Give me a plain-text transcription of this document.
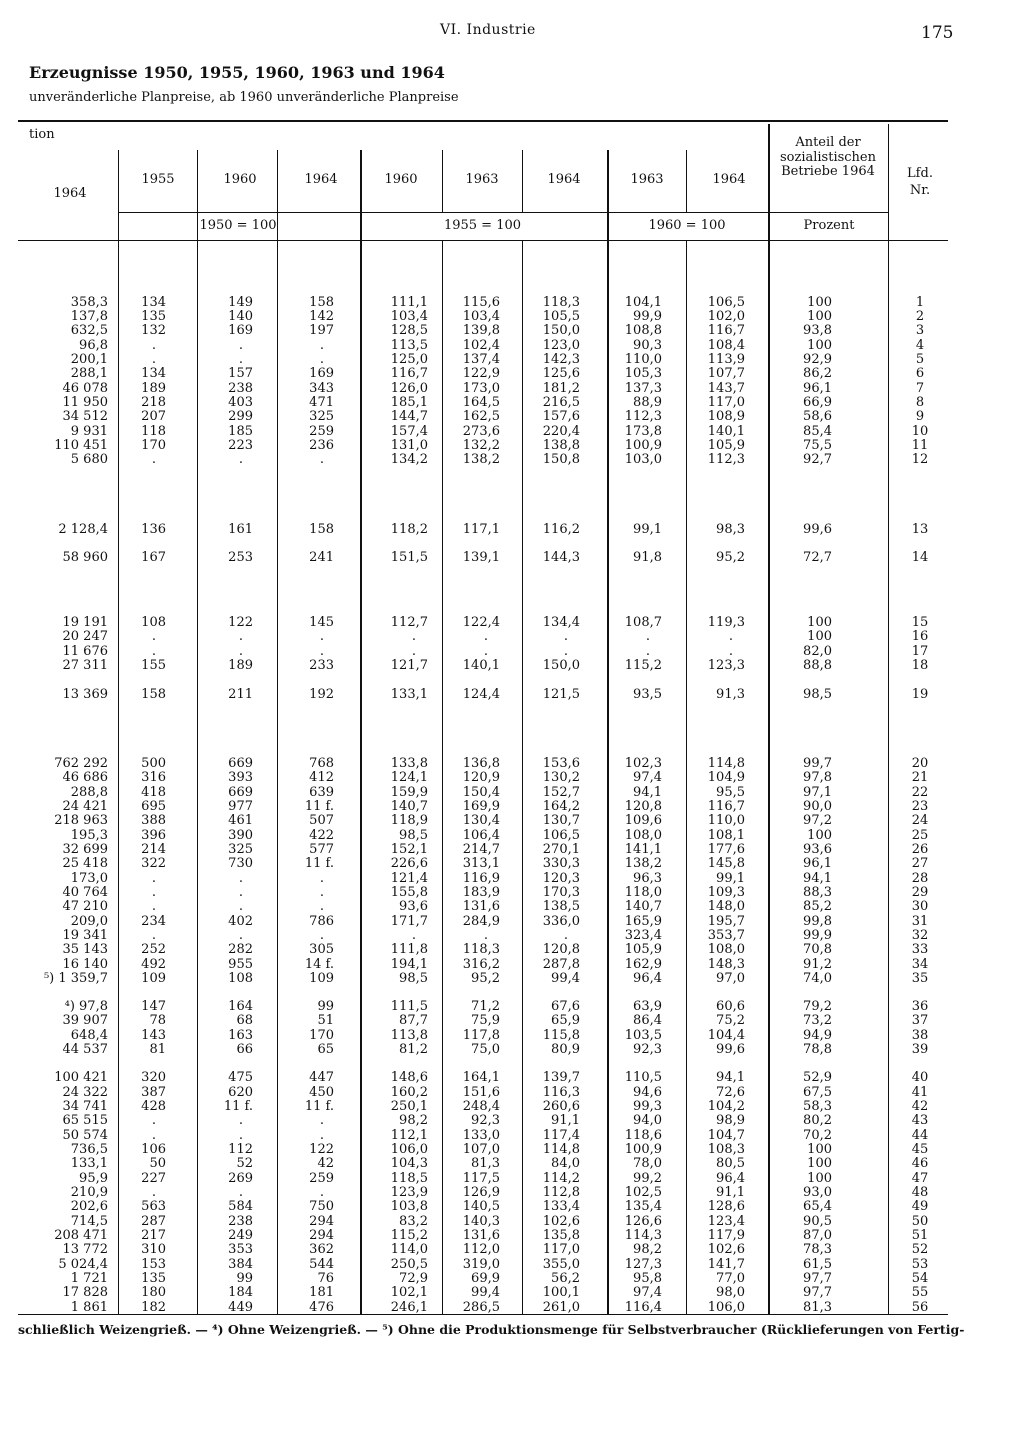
VI. Industrie	175
Erzeugnisse 1950, 1955, 1960, 1963 und 1964
unveränderliche Planpreise, ab 1960 unveränderliche Planpreise
tion
1964
1955	1960	1964	1960	1963	1964	1963	1964
1950 = 100	1955 = 100	1960 = 100
Anteil der sozialistischen Betriebe 1964
Prozent
Lfd. Nr.
358,3	134	149	158	111,1	115,6	118,3	104,1	106,5	100	1
137,8	135	140	142	103,4	103,4	105,5	99,9	102,0	100	2
632,5	132	169	197	128,5	139,8	150,0	108,8	116,7	93,8	3
96,8	.	.	.	113,5	102,4	123,0	90,3	108,4	100	4
200,1	.	.	.	125,0	137,4	142,3	110,0	113,9	92,9	5
288,1	134	157	169	116,7	122,9	125,6	105,3	107,7	86,2	6
46 078	189	238	343	126,0	173,0	181,2	137,3	143,7	96,1	7
11 950	218	403	471	185,1	164,5	216,5	88,9	117,0	66,9	8
34 512	207	299	325	144,7	162,5	157,6	112,3	108,9	58,6	9
9 931	118	185	259	157,4	273,6	220,4	173,8	140,1	85,4	10
110 451	170	223	236	131,0	132,2	138,8	100,9	105,9	75,5	11
5 680	.	.	.	134,2	138,2	150,8	103,0	112,3	92,7	12
2 128,4	136	161	158	118,2	117,1	116,2	99,1	98,3	99,6	13
58 960	167	253	241	151,5	139,1	144,3	91,8	95,2	72,7	14
19 191	108	122	145	112,7	122,4	134,4	108,7	119,3	100	15
20 247	.	.	.	.	.	.	.	.	100	16
11 676	.	.	.	.	.	.	.	.	82,0	17
27 311	155	189	233	121,7	140,1	150,0	115,2	123,3	88,8	18
13 369	158	211	192	133,1	124,4	121,5	93,5	91,3	98,5	19
762 292	500	669	768	133,8	136,8	153,6	102,3	114,8	99,7	20
46 686	316	393	412	124,1	120,9	130,2	97,4	104,9	97,8	21
288,8	418	669	639	159,9	150,4	152,7	94,1	95,5	97,1	22
24 421	695	977	11 f.	140,7	169,9	164,2	120,8	116,7	90,0	23
218 963	388	461	507	118,9	130,4	130,7	109,6	110,0	97,2	24
195,3	396	390	422	98,5	106,4	106,5	108,0	108,1	100	25
32 699	214	325	577	152,1	214,7	270,1	141,1	177,6	93,6	26
25 418	322	730	11 f.	226,6	313,1	330,3	138,2	145,8	96,1	27
173,0	.	.	.	121,4	116,9	120,3	96,3	99,1	94,1	28
40 764	.	.	.	155,8	183,9	170,3	118,0	109,3	88,3	29
47 210	.	.	.	93,6	131,6	138,5	140,7	148,0	85,2	30
209,0	234	402	786	171,7	284,9	336,0	165,9	195,7	99,8	31
19 341	.	.	.	.	.	.	323,4	353,7	99,9	32
35 143	252	282	305	111,8	118,3	120,8	105,9	108,0	70,8	33
16 140	492	955	14 f.	194,1	316,2	287,8	162,9	148,3	91,2	34
⁵) 1 359,7	109	108	109	98,5	95,2	99,4	96,4	97,0	74,0	35
⁴) 97,8	147	164	99	111,5	71,2	67,6	63,9	60,6	79,2	36
39 907	78	68	51	87,7	75,9	65,9	86,4	75,2	73,2	37
648,4	143	163	170	113,8	117,8	115,8	103,5	104,4	94,9	38
44 537	81	66	65	81,2	75,0	80,9	92,3	99,6	78,8	39
100 421	320	475	447	148,6	164,1	139,7	110,5	94,1	52,9	40
24 322	387	620	450	160,2	151,6	116,3	94,6	72,6	67,5	41
34 741	428	11 f.	11 f.	250,1	248,4	260,6	99,3	104,2	58,3	42
65 515	.	.	.	98,2	92,3	91,1	94,0	98,9	80,2	43
50 574	.	.	.	112,1	133,0	117,4	118,6	104,7	70,2	44
736,5	106	112	122	106,0	107,0	114,8	100,9	108,3	100	45
133,1	50	52	42	104,3	81,3	84,0	78,0	80,5	100	46
95,9	227	269	259	118,5	117,5	114,2	99,2	96,4	100	47
210,9	.	.	.	123,9	126,9	112,8	102,5	91,1	93,0	48
202,6	563	584	750	103,8	140,5	133,4	135,4	128,6	65,4	49
714,5	287	238	294	83,2	140,3	102,6	126,6	123,4	90,5	50
208 471	217	249	294	115,2	131,6	135,8	114,3	117,9	87,0	51
13 772	310	353	362	114,0	112,0	117,0	98,2	102,6	78,3	52
5 024,4	153	384	544	250,5	319,0	355,0	127,3	141,7	61,5	53
1 721	135	99	76	72,9	69,9	56,2	95,8	77,0	97,7	54
17 828	180	184	181	102,1	99,4	100,1	97,4	98,0	97,7	55
1 861	182	449	476	246,1	286,5	261,0	116,4	106,0	81,3	56
schließlich Weizengrieß. — ⁴) Ohne Weizengrieß. — ⁵) Ohne die Produktionsmenge für Selbstverbraucher (Rücklieferungen von Fertig-
